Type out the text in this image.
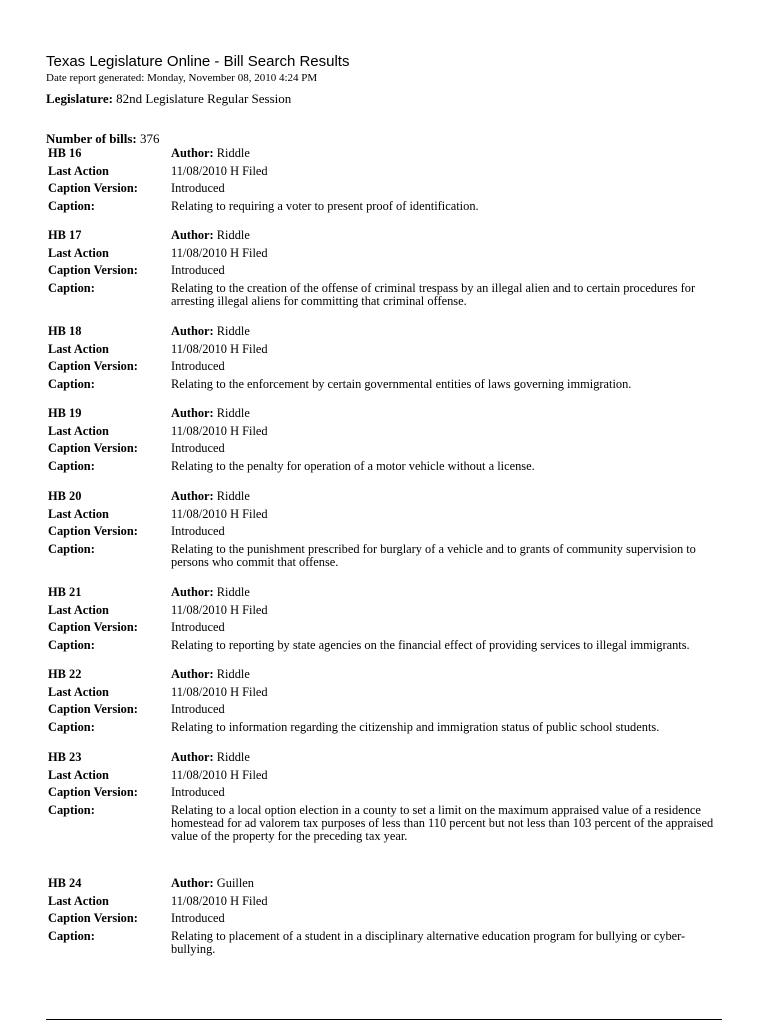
Texas Legislature Online - Bill Search Results
Date report generated: Monday, November 08, 2010 4:24 PM
Legislature: 82nd Legislature Regular Session
Number of bills: 376
HB 16	Author: Riddle
Last Action	11/08/2010 H Filed
Caption Version:	Introduced
Caption:	Relating to requiring a voter to present proof of identification.
HB 17	Author: Riddle
Last Action	11/08/2010 H Filed
Caption Version:	Introduced
Caption:	Relating to the creation of the offense of criminal trespass by an illegal alien and to certain procedures for arresting illegal aliens for committing that criminal offense.
HB 18	Author: Riddle
Last Action	11/08/2010 H Filed
Caption Version:	Introduced
Caption:	Relating to the enforcement by certain governmental entities of laws governing immigration.
HB 19	Author: Riddle
Last Action	11/08/2010 H Filed
Caption Version:	Introduced
Caption:	Relating to the penalty for operation of a motor vehicle without a license.
HB 20	Author: Riddle
Last Action	11/08/2010 H Filed
Caption Version:	Introduced
Caption:	Relating to the punishment prescribed for burglary of a vehicle and to grants of community supervision to persons who commit that offense.
HB 21	Author: Riddle
Last Action	11/08/2010 H Filed
Caption Version:	Introduced
Caption:	Relating to reporting by state agencies on the financial effect of providing services to illegal immigrants.
HB 22	Author: Riddle
Last Action	11/08/2010 H Filed
Caption Version:	Introduced
Caption:	Relating to information regarding the citizenship and immigration status of public school students.
HB 23	Author: Riddle
Last Action	11/08/2010 H Filed
Caption Version:	Introduced
Caption:	Relating to a local option election in a county to set a limit on the maximum appraised value of a residence homestead for ad valorem tax purposes of less than 110 percent but not less than 103 percent of the appraised value of the property for the preceding tax year.
HB 24	Author: Guillen
Last Action	11/08/2010 H Filed
Caption Version:	Introduced
Caption:	Relating to placement of a student in a disciplinary alternative education program for bullying or cyber-bullying.
